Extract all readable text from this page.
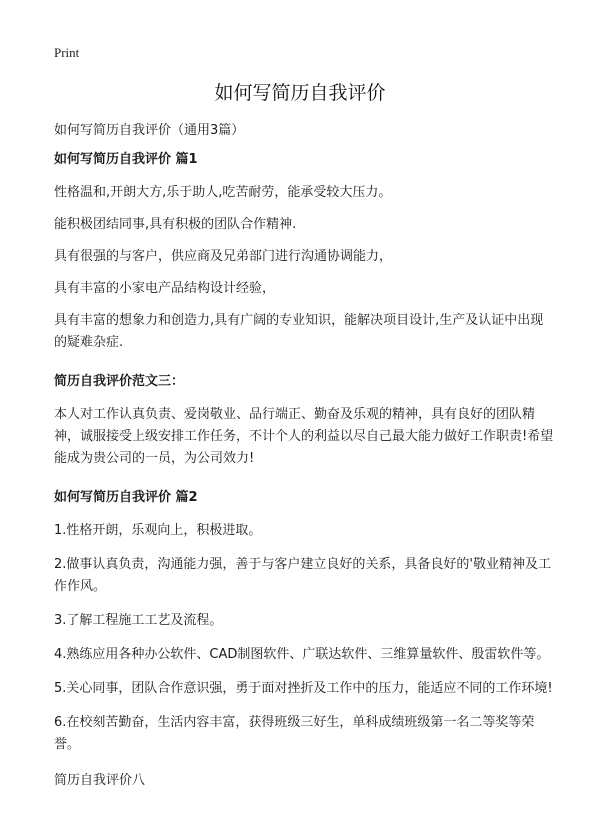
Print
如何写简历自我评价
如何写简历自我评价（通用3篇）
如何写简历自我评价 篇1
性格温和,开朗大方,乐于助人,吃苦耐劳，能承受较大压力。
能积极团结同事,具有积极的团队合作精神.
具有很强的与客户，供应商及兄弟部门进行沟通协调能力，
具有丰富的小家电产品结构设计经验，
具有丰富的想象力和创造力,具有广阔的专业知识，能解决项目设计,生产及认证中出现的疑难杂症.
简历自我评价范文三：
本人对工作认真负责、爱岗敬业、品行端正、勤奋及乐观的精神，具有良好的团队精神，诚服接受上级安排工作任务，不计个人的利益以尽自己最大能力做好工作职责!希望能成为贵公司的一员，为公司效力!
如何写简历自我评价 篇2
1.性格开朗，乐观向上，积极进取。
2.做事认真负责，沟通能力强，善于与客户建立良好的关系，具备良好的'敬业精神及工作作风。
3.了解工程施工工艺及流程。
4.熟练应用各种办公软件、CAD制图软件、广联达软件、三维算量软件、殷雷软件等。
5.关心同事，团队合作意识强，勇于面对挫折及工作中的压力，能适应不同的工作环境!
6.在校刻苦勤奋，生活内容丰富，获得班级三好生，单科成绩班级第一名二等奖等荣誉。
简历自我评价八
